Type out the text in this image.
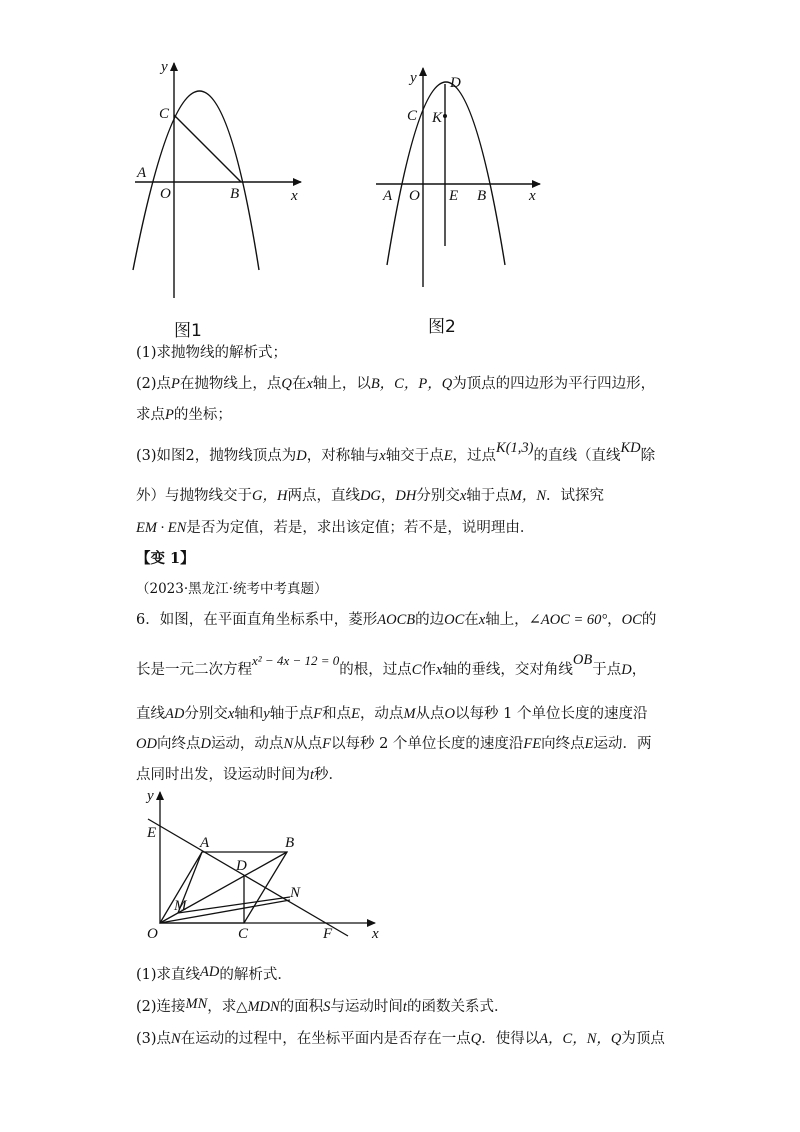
y
x
C
A
O	B
图1
y
x
D
C K
A O E B
图2
(1)求抛物线的解析式；
(2)点P在抛物线上，点Q在x轴上，以B，C，P，Q为顶点的四边形为平行四边形，
求点P的坐标；
(3)如图2，抛物线顶点为D，对称轴与x轴交于点E，过点K(1,3)的直线（直线KD除
外）与抛物线交于G，H两点，直线DG，DH分别交x轴于点M，N．试探究
EM · EN是否为定值，若是，求出该定值；若不是，说明理由．
【变 1】
（2023·黑龙江·统考中考真题）
6．如图，在平面直角坐标系中，菱形AOCB的边OC在x轴上，∠AOC = 60°，OC的
长是一元二次方程x² − 4x − 12 = 0的根，过点C作x轴的垂线，交对角线OB于点D，
直线AD分别交x轴和y轴于点F和点E，动点M从点O以每秒 1 个单位长度的速度沿
OD向终点D运动，动点N从点F以每秒 2 个单位长度的速度沿FE向终点E运动．两
点同时出发，设运动时间为t秒．
y
x
E
A	B
D
N
M
O	C	F
(1)求直线AD的解析式．
(2)连接MN，求△MDN的面积S与运动时间t的函数关系式．
(3)点N在运动的过程中，在坐标平面内是否存在一点Q．使得以A，C，N，Q为顶点
